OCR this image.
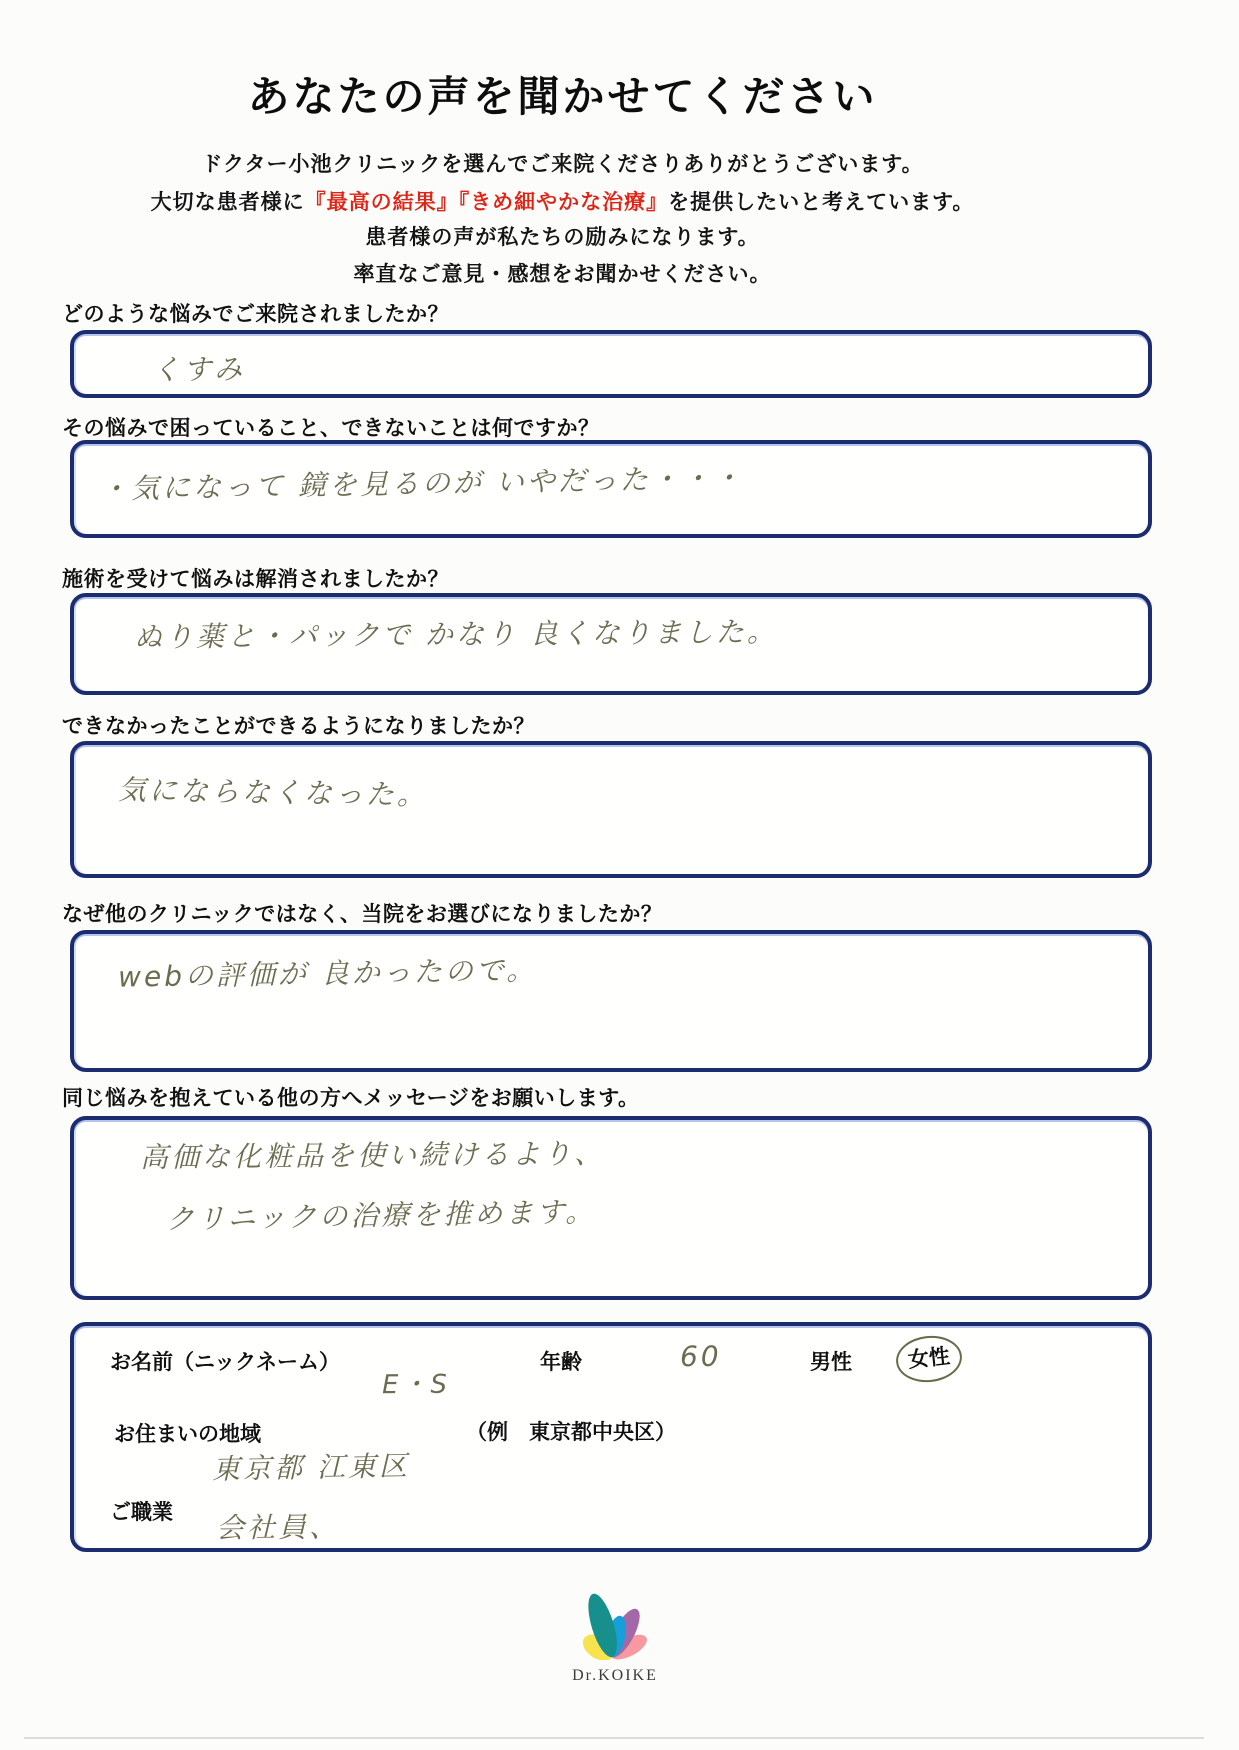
あなたの声を聞かせてください
ドクター小池クリニックを選んでご来院くださりありがとうございます。
大切な患者様に『最高の結果』『きめ細やかな治療』を提供したいと考えています。
患者様の声が私たちの励みになります。
率直なご意見・感想をお聞かせください。
どのような悩みでご来院されましたか？
くすみ
その悩みで困っていること、できないことは何ですか？
・気になって 鏡を見るのが いやだった・・・
施術を受けて悩みは解消されましたか？
ぬり薬と・パックで かなり 良くなりました。
できなかったことができるようになりましたか？
気にならなくなった。
なぜ他のクリニックではなく、当院をお選びになりましたか？
webの評価が 良かったので。
同じ悩みを抱えている他の方へメッセージをお願いします。
高価な化粧品を使い続けるより、
クリニックの治療を推めます。
お名前（ニックネーム）
E・S
年齢	60	男性	女性
お住まいの地域	（例　東京都中央区）
東京都 江東区
ご職業 会社員、
Dr.KOIKE
